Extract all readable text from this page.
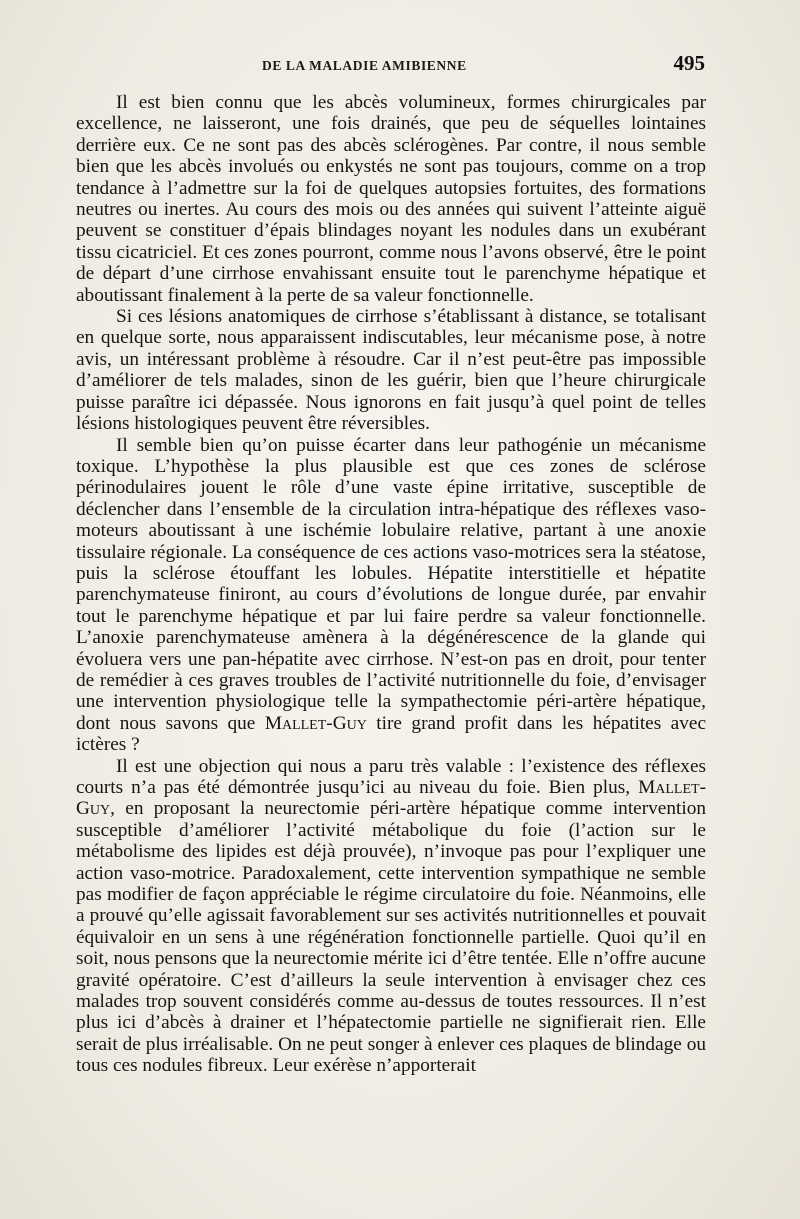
DE LA MALADIE AMIBIENNE	495

Il est bien connu que les abcès volumineux, formes chirurgicales par excellence, ne laisseront, une fois drainés, que peu de séquelles lointaines derrière eux. Ce ne sont pas des abcès sclérogènes. Par contre, il nous semble bien que les abcès involués ou enkystés ne sont pas toujours, comme on a trop tendance à l’admettre sur la foi de quelques autopsies fortuites, des formations neutres ou inertes. Au cours des mois ou des années qui suivent l’atteinte aiguë peuvent se constituer d’épais blindages noyant les nodules dans un exubérant tissu cicatriciel. Et ces zones pourront, comme nous l’avons observé, être le point de départ d’une cirrhose envahissant ensuite tout le parenchyme hépatique et aboutissant finalement à la perte de sa valeur fonctionnelle.

Si ces lésions anatomiques de cirrhose s’établissant à distance, se totalisant en quelque sorte, nous apparaissent indiscutables, leur mécanisme pose, à notre avis, un intéressant problème à résoudre. Car il n’est peut-être pas impossible d’améliorer de tels malades, sinon de les guérir, bien que l’heure chirurgicale puisse paraître ici dépassée. Nous ignorons en fait jusqu’à quel point de telles lésions histologiques peuvent être réversibles.

Il semble bien qu’on puisse écarter dans leur pathogénie un mécanisme toxique. L’hypothèse la plus plausible est que ces zones de sclérose périnodulaires jouent le rôle d’une vaste épine irritative, susceptible de déclencher dans l’ensemble de la circulation intra-hépatique des réflexes vaso-moteurs aboutissant à une ischémie lobulaire relative, partant à une anoxie tissulaire régionale. La conséquence de ces actions vaso-motrices sera la stéatose, puis la sclérose étouffant les lobules. Hépatite interstitielle et hépatite parenchymateuse finiront, au cours d’évolutions de longue durée, par envahir tout le parenchyme hépatique et par lui faire perdre sa valeur fonctionnelle. L’anoxie parenchymateuse amènera à la dégénérescence de la glande qui évoluera vers une pan-hépatite avec cirrhose. N’est-on pas en droit, pour tenter de remédier à ces graves troubles de l’activité nutritionnelle du foie, d’envisager une intervention physiologique telle la sympathectomie péri-artère hépatique, dont nous savons que Mallet-Guy tire grand profit dans les hépatites avec ictères ?

Il est une objection qui nous a paru très valable : l’existence des réflexes courts n’a pas été démontrée jusqu’ici au niveau du foie. Bien plus, Mallet-Guy, en proposant la neurectomie péri-artère hépatique comme intervention susceptible d’améliorer l’activité métabolique du foie (l’action sur le métabolisme des lipides est déjà prouvée), n’invoque pas pour l’expliquer une action vaso-motrice. Paradoxalement, cette intervention sympathique ne semble pas modifier de façon appréciable le régime circulatoire du foie. Néanmoins, elle a prouvé qu’elle agissait favorablement sur ses activités nutritionnelles et pouvait équivaloir en un sens à une régénération fonctionnelle partielle. Quoi qu’il en soit, nous pensons que la neurectomie mérite ici d’être tentée. Elle n’offre aucune gravité opératoire. C’est d’ailleurs la seule intervention à envisager chez ces malades trop souvent considérés comme au-dessus de toutes ressources. Il n’est plus ici d’abcès à drainer et l’hépatectomie partielle ne signifierait rien. Elle serait de plus irréalisable. On ne peut songer à enlever ces plaques de blindage ou tous ces nodules fibreux. Leur exérèse n’apporterait
